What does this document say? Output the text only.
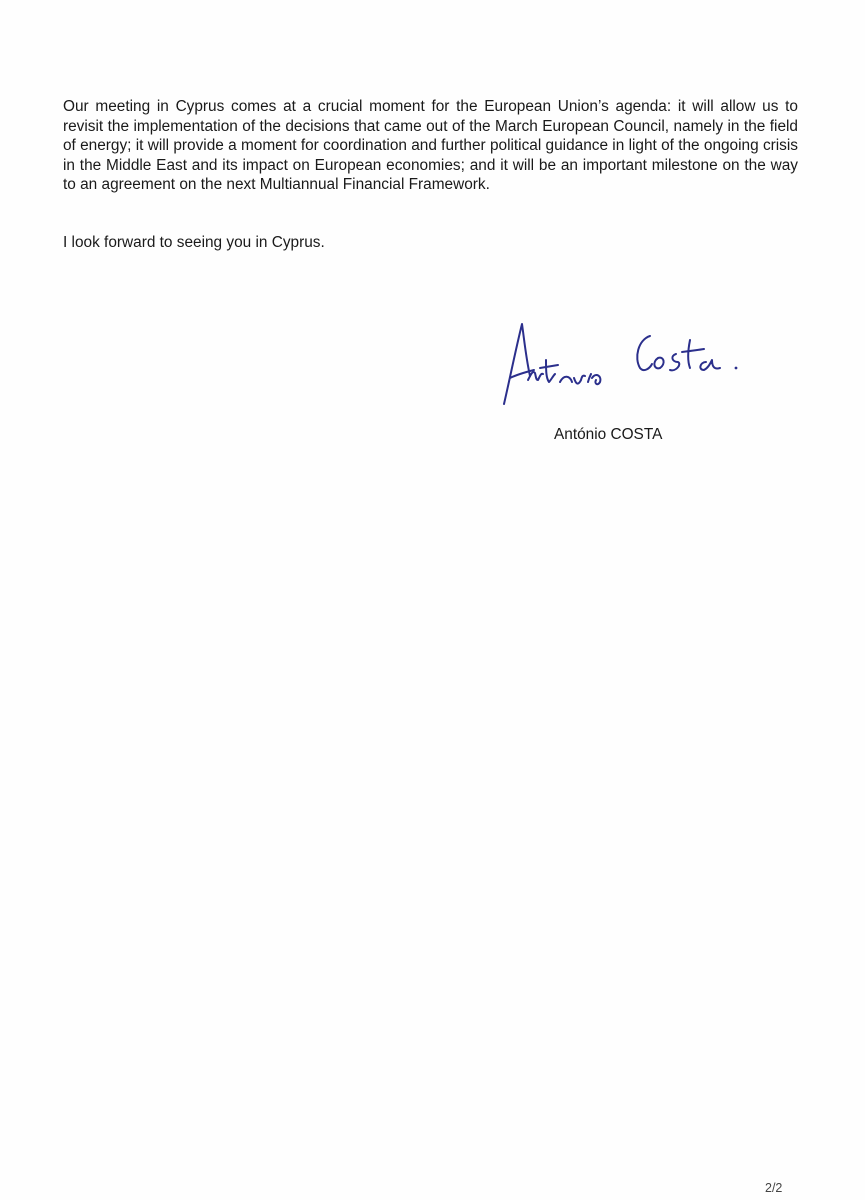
Our meeting in Cyprus comes at a crucial moment for the European Union’s agenda: it will allow us to revisit the implementation of the decisions that came out of the March European Council, namely in the field of energy; it will provide a moment for coordination and further political guidance in light of the ongoing crisis in the Middle East and its impact on European economies; and it will be an important milestone on the way to an agreement on the next Multiannual Financial Framework.

I look forward to seeing you in Cyprus.

António COSTA

2/2
